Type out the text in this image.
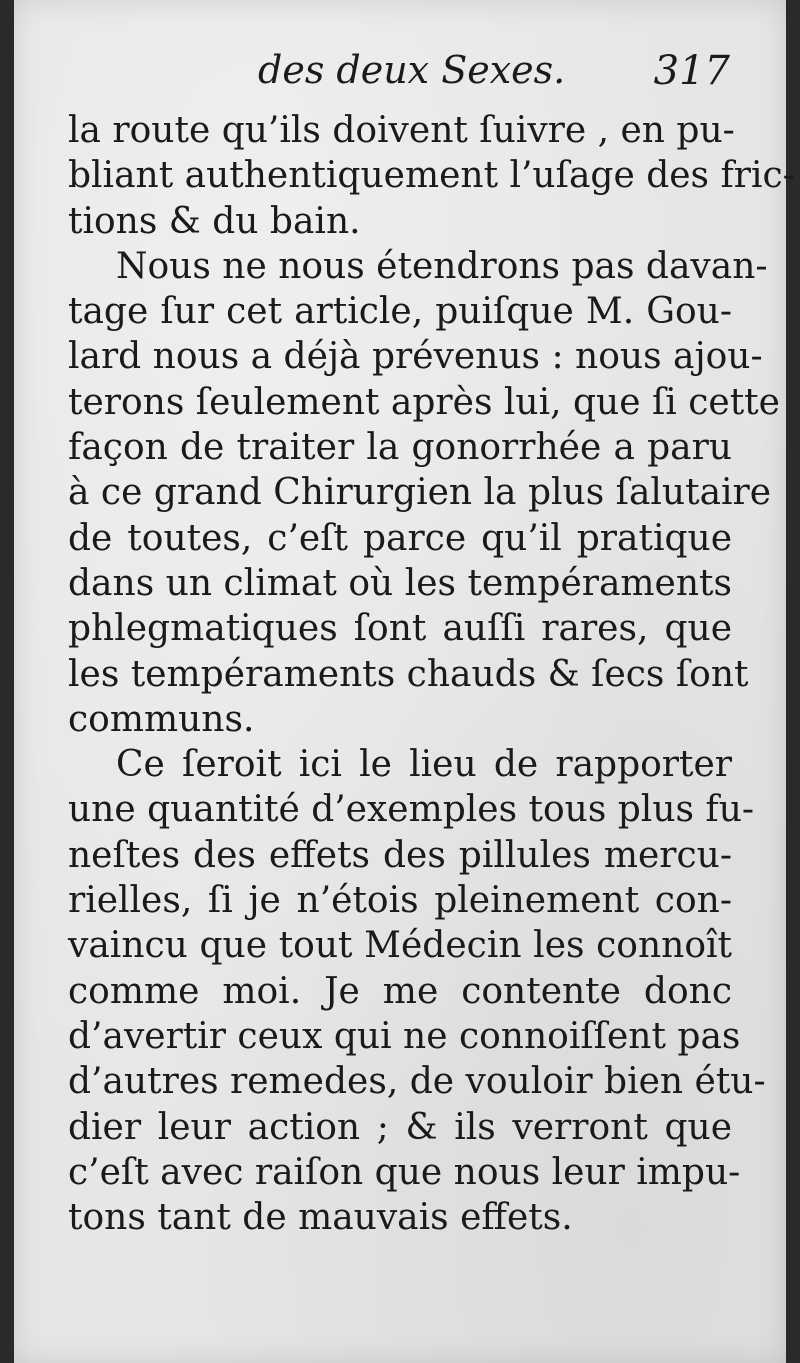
des deux Sexes. 317
la route qu’ils doivent ſuivre , en pu-
bliant authentiquement l’uſage des fric-
tions & du bain.
Nous ne nous étendrons pas davan-
tage ſur cet article, puiſque M. Gou-
lard nous a déjà prévenus : nous ajou-
terons ſeulement après lui, que ſi cette
façon de traiter la gonorrhée a paru
à ce grand Chirurgien la plus ſalutaire
de toutes, c’eſt parce qu’il pratique
dans un climat où les tempéraments
phlegmatiques ſont auſſi rares, que
les tempéraments chauds & ſecs ſont
communs.
Ce ſeroit ici le lieu de rapporter
une quantité d’exemples tous plus fu-
neſtes des effets des pillules mercu-
rielles, ſi je n’étois pleinement con-
vaincu que tout Médecin les connoît
comme moi. Je me contente donc
d’avertir ceux qui ne connoiſſent pas
d’autres remedes, de vouloir bien étu-
dier leur action ; & ils verront que
c’eſt avec raiſon que nous leur impu-
tons tant de mauvais effets.
